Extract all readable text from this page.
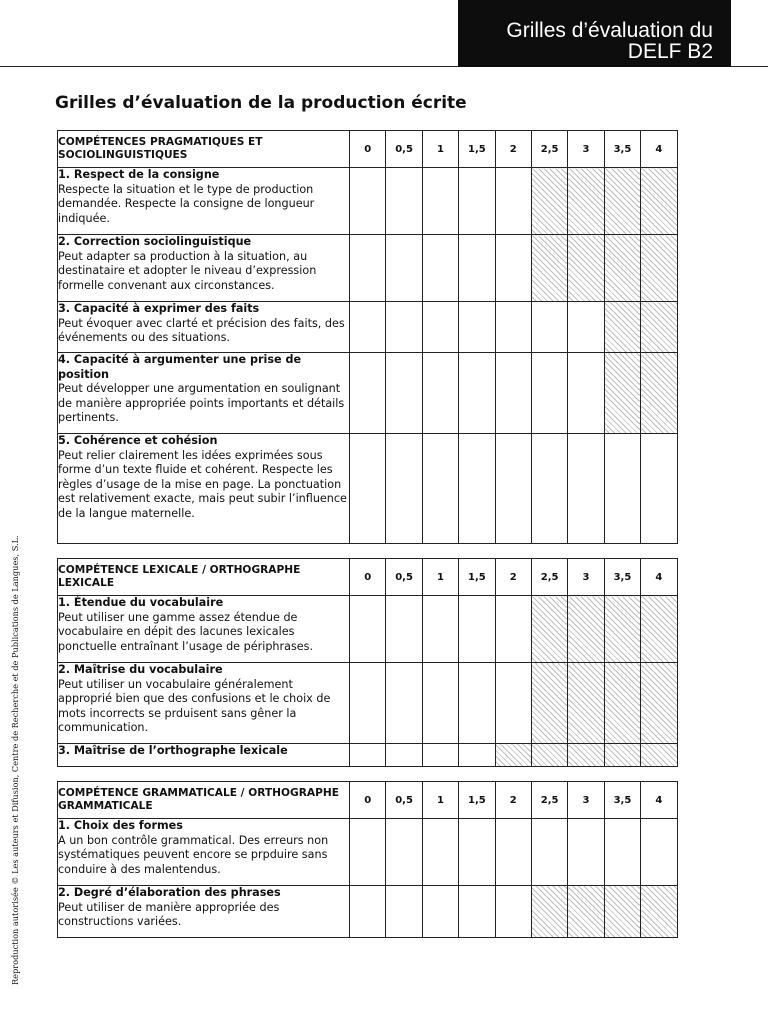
Grilles d’évaluation du
DELF B2
Grilles d’évaluation de la production écrite
Reproduction autorisée © Les auteurs et Difusion, Centre de Recherche et de Publications de Langues, S.L.
COMPÉTENCES PRAGMATIQUES ET SOCIOLINGUISTIQUES	0	0,5	1	1,5	2	2,5	3	3,5	4

1. Respect de la consigne
Respecte la situation et le type de production demandée. Respecte la consigne de longueur indiquée.									

2. Correction sociolinguistique
Peut adapter sa production à la situation, au destinataire et adopter le niveau d’expression formelle convenant aux circonstances.									

3. Capacité à exprimer des faits
Peut évoquer avec clarté et précision des faits, des événements ou des situations.									

4. Capacité à argumenter une prise de position
Peut développer une argumentation en soulignant de manière appropriée points importants et détails pertinents.									

5. Cohérence et cohésion
Peut relier clairement les idées exprimées sous forme d’un texte fluide et cohérent. Respecte les règles d’usage de la mise en page. La ponctuation est relativement exacte, mais peut subir l’influence de la langue maternelle.									

COMPÉTENCE LEXICALE / ORTHOGRAPHE LEXICALE	0	0,5	1	1,5	2	2,5	3	3,5	4

1. Étendue du vocabulaire
Peut utiliser une gamme assez étendue de vocabulaire en dépit des lacunes lexicales ponctuelle entraînant l’usage de périphrases.									

2. Maîtrise du vocabulaire
Peut utiliser un vocabulaire généralement approprié bien que des confusions et le choix de mots incorrects se prduisent sans gêner la communication.									

3. Maîtrise de l’orthographe lexicale									

COMPÉTENCE GRAMMATICALE / ORTHOGRAPHE GRAMMATICALE	0	0,5	1	1,5	2	2,5	3	3,5	4

1. Choix des formes
A un bon contrôle grammatical. Des erreurs non systématiques peuvent encore se prpduire sans conduire à des malentendus.									

2. Degré d’élaboration des phrases
Peut utiliser de manière appropriée des constructions variées.									
